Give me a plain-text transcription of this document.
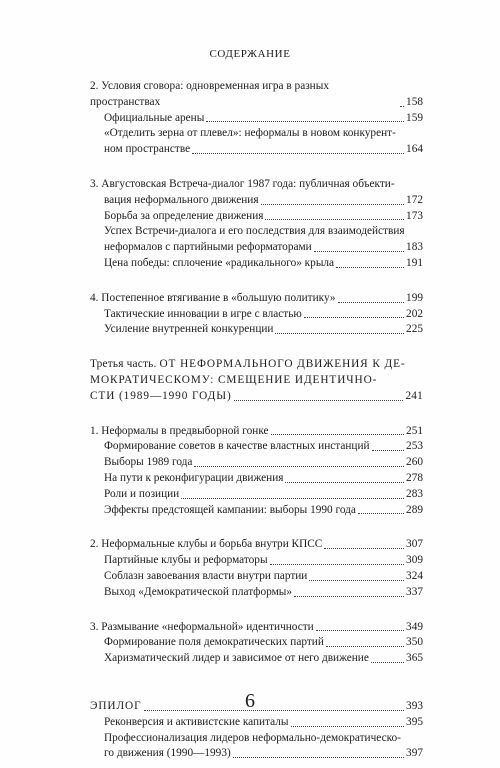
СОДЕРЖАНИЕ
2. Условия сговора: одновременная игра в разных пространствах	158
Официальные арены	159
«Отделить зерна от плевел»: неформалы в новом конкурент-
ном пространстве	164
3. Августовская Встреча-диалог 1987 года: публичная объекти-
вация неформального движения	172
Борьба за определение движения	173
Успех Встречи-диалога и его последствия для взаимодействия
неформалов с партийными реформаторами	183
Цена победы: сплочение «радикального» крыла	191
4. Постепенное втягивание в «большую политику»	199
Тактические инновации в игре с властью	202
Усиление внутренней конкуренции	225
Третья часть. ОТ НЕФОРМАЛЬНОГО ДВИЖЕНИЯ К ДЕ-
МОКРАТИЧЕСКОМУ: СМЕЩЕНИЕ ИДЕНТИЧНО-
СТИ (1989—1990 ГОДЫ)	241
1. Неформалы в предвыборной гонке	251
Формирование советов в качестве властных инстанций	253
Выборы 1989 года	260
На пути к реконфигурации движения	278
Роли и позиции	283
Эффекты предстоящей кампании: выборы 1990 года	289
2. Неформальные клубы и борьба внутри КПСС	307
Партийные клубы и реформаторы	309
Соблазн завоевания власти внутри партии	324
Выход «Демократической платформы»	337
3. Размывание «неформальной» идентичности	349
Формирование поля демократических партий	350
Харизматический лидер и зависимое от него движение	365
ЭПИЛОГ	393
Реконверсия и активистские капиталы	395
Профессионализация лидеров неформально-демократическо-
го движения (1990—1993)	397
6
